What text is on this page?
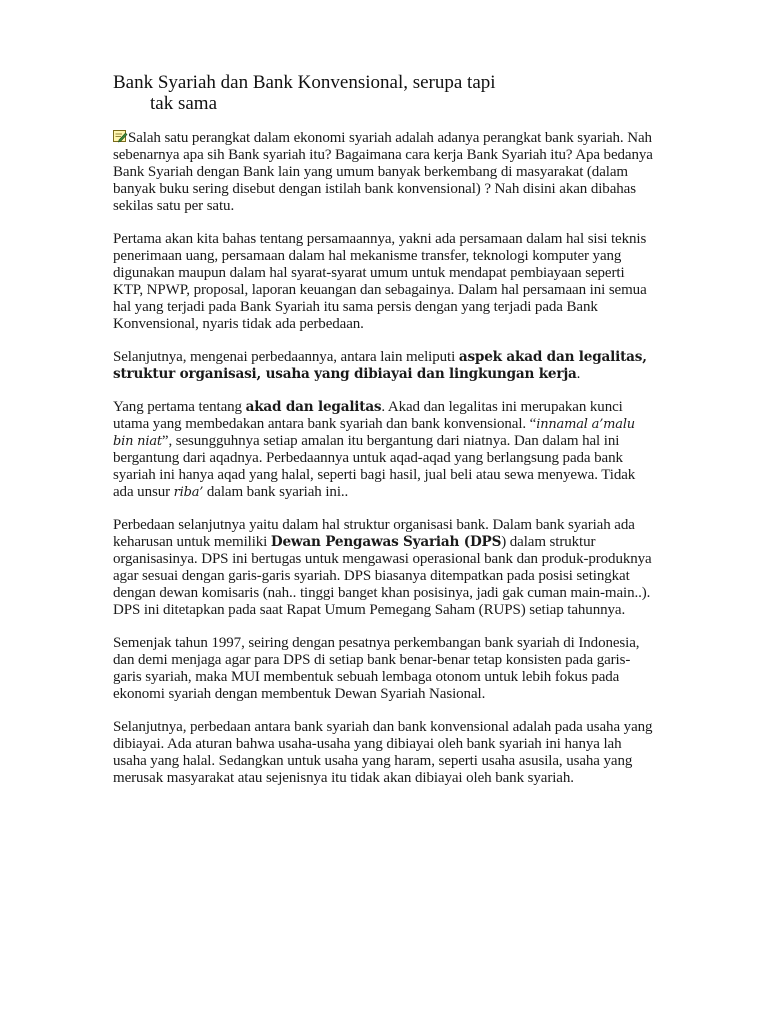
Bank Syariah dan Bank Konvensional, serupa tapi
tak sama

Salah satu perangkat dalam ekonomi syariah adalah adanya perangkat bank syariah. Nah sebenarnya apa sih Bank syariah itu? Bagaimana cara kerja Bank Syariah itu? Apa bedanya Bank Syariah dengan Bank lain yang umum banyak berkembang di masyarakat (dalam banyak buku sering disebut dengan istilah bank konvensional) ? Nah disini akan dibahas sekilas satu per satu.

Pertama akan kita bahas tentang persamaannya, yakni ada persamaan dalam hal sisi teknis penerimaan uang, persamaan dalam hal mekanisme transfer, teknologi komputer yang digunakan maupun dalam hal syarat-syarat umum untuk mendapat pembiayaan seperti KTP, NPWP, proposal, laporan keuangan dan sebagainya. Dalam hal persamaan ini semua hal yang terjadi pada Bank Syariah itu sama persis dengan yang terjadi pada Bank Konvensional, nyaris tidak ada perbedaan.

Selanjutnya, mengenai perbedaannya, antara lain meliputi aspek akad dan legalitas, struktur organisasi, usaha yang dibiayai dan lingkungan kerja.

Yang pertama tentang akad dan legalitas. Akad dan legalitas ini merupakan kunci utama yang membedakan antara bank syariah dan bank konvensional. “innamal a’malu bin niat”, sesungguhnya setiap amalan itu bergantung dari niatnya. Dan dalam hal ini bergantung dari aqadnya. Perbedaannya untuk aqad-aqad yang berlangsung pada bank syariah ini hanya aqad yang halal, seperti bagi hasil, jual beli atau sewa menyewa. Tidak ada unsur riba’ dalam bank syariah ini..

Perbedaan selanjutnya yaitu dalam hal struktur organisasi bank. Dalam bank syariah ada keharusan untuk memiliki Dewan Pengawas Syariah (DPS) dalam struktur organisasinya. DPS ini bertugas untuk mengawasi operasional bank dan produk-produknya agar sesuai dengan garis-garis syariah. DPS biasanya ditempatkan pada posisi setingkat dengan dewan komisaris (nah.. tinggi banget khan posisinya, jadi gak cuman main-main..). DPS ini ditetapkan pada saat Rapat Umum Pemegang Saham (RUPS) setiap tahunnya.

Semenjak tahun 1997, seiring dengan pesatnya perkembangan bank syariah di Indonesia, dan demi menjaga agar para DPS di setiap bank benar-benar tetap konsisten pada garis-garis syariah, maka MUI membentuk sebuah lembaga otonom untuk lebih fokus pada ekonomi syariah dengan membentuk Dewan Syariah Nasional.

Selanjutnya, perbedaan antara bank syariah dan bank konvensional adalah pada usaha yang dibiayai. Ada aturan bahwa usaha-usaha yang dibiayai oleh bank syariah ini hanya lah usaha yang halal. Sedangkan untuk usaha yang haram, seperti usaha asusila, usaha yang merusak masyarakat atau sejenisnya itu tidak akan dibiayai oleh bank syariah.
